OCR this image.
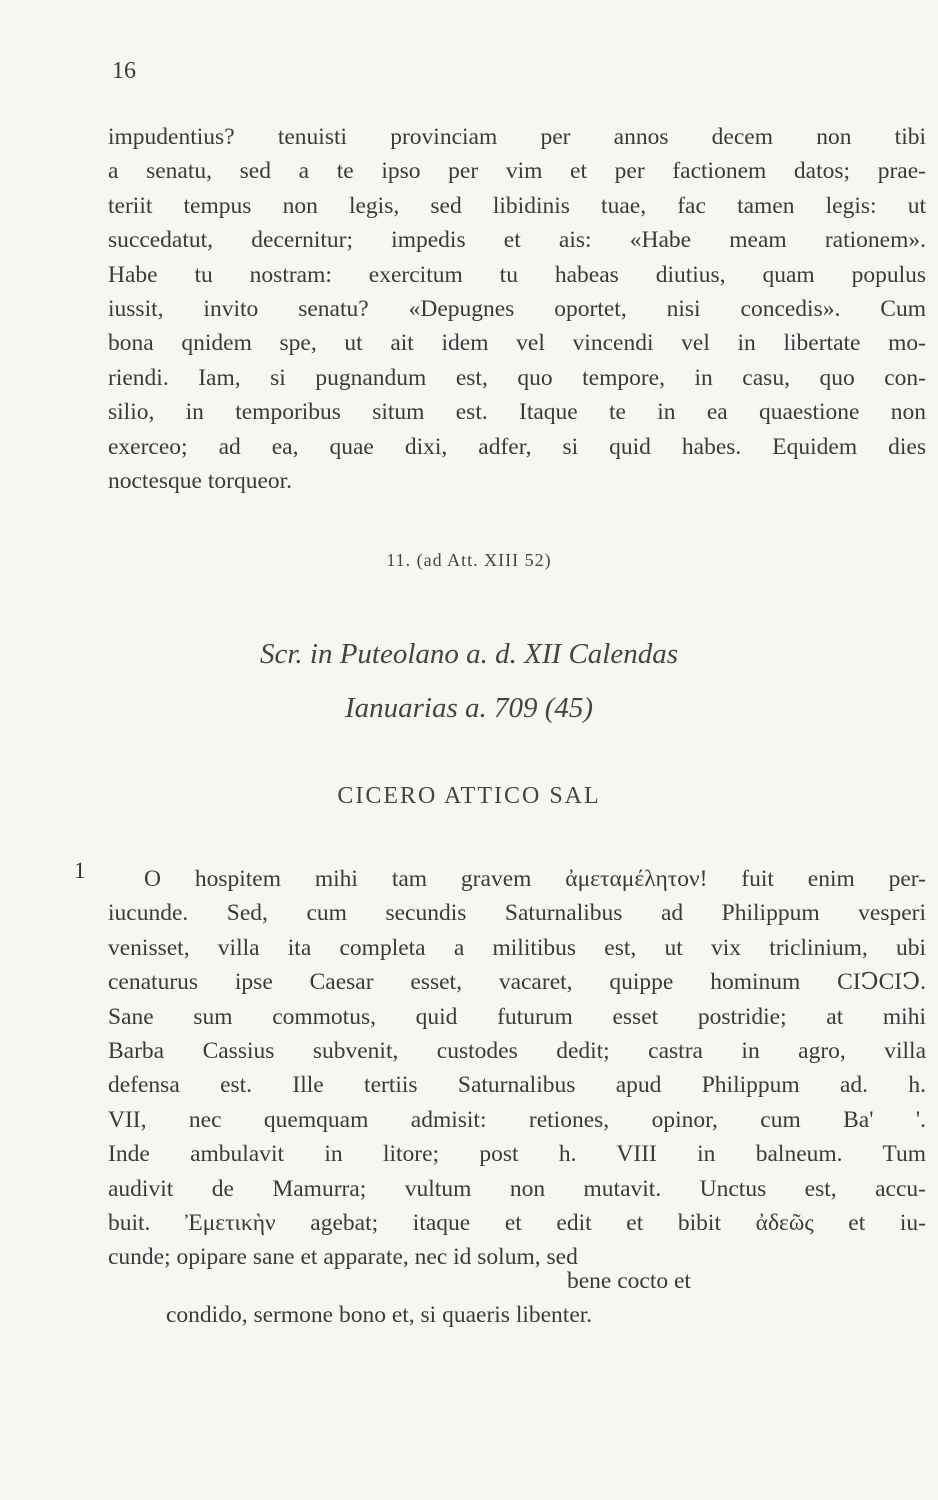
16
impudentius? tenuisti provinciam per annos decem non tibi
a senatu, sed a te ipso per vim et per factionem datos; prae-
teriit tempus non legis, sed libidinis tuae, fac tamen legis: ut
succedatut, decernitur; impedis et ais: «Habe meam rationem».
Habe tu nostram: exercitum tu habeas diutius, quam populus
iussit, invito senatu? «Depugnes oportet, nisi concedis». Cum
bona qnidem spe, ut ait idem vel vincendi vel in libertate mo-
riendi. Iam, si pugnandum est, quo tempore, in casu, quo con-
silio, in temporibus situm est. Itaque te in ea quaestione non
exerceo; ad ea, quae dixi, adfer, si quid habes. Equidem dies
noctesque torqueor.
11. (ad Att. XIII 52)
Scr. in Puteolano a. d. XII Calendas
Ianuarias a. 709 (45)
CICERO ATTICO SAL
1	O hospitem mihi tam gravem ἀμεταμέλητον! fuit enim per-
iucunde. Sed, cum secundis Saturnalibus ad Philippum vesperi
venisset, villa ita completa a militibus est, ut vix triclinium, ubi
cenaturus ipse Caesar esset, vacaret, quippe hominum CIↃCIↃ.
Sane sum commotus, quid futurum esset postridie; at mihi
Barba Cassius subvenit, custodes dedit; castra in agro, villa
defensa est. Ille tertiis Saturnalibus apud Philippum ad. h.
VII, nec quemquam admisit: retiones, opinor, cum Ba' '.
Inde ambulavit in litore; post h. VIII in balneum. Tum
audivit de Mamurra; vultum non mutavit. Unctus est, accu-
buit. Ἐμετικὴν agebat; itaque et edit et bibit ἀδεῶς et iu-
cunde; opipare sane et apparate, nec id solum, sed
bene cocto et
condido, sermone bono et, si quaeris libenter.
